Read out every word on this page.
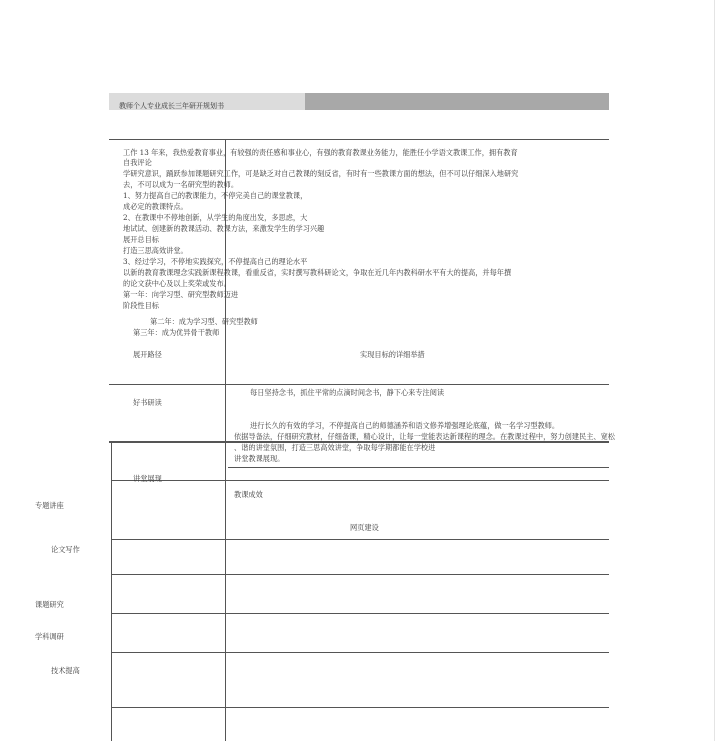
教师个人专业成长三年研开规划书
工作 13 年来，我热爱教育事业，有较强的责任感和事业心，有强的教育教课业务能力，能胜任小学语文教课工作，拥有教育
自我评论
学研究意识，踊跃参加课题研究工作，可是缺乏对自己教课的刻反省，有时有一些教课方面的想法，但不可以仔细深入地研究
去，不可以成为一名研究型的教师。
1、努力提高自己的教课能力，不停完美自己的课堂教课，
成必定的教课特点。
2、在教课中不停地创新，从学生的角度出发，多思虑，大
地试试、创建新的教课活动、教课方法，来激发学生的学习兴趣
展开总目标
打造三思高效讲堂。
3、经过学习，不停地实践探究，不停提高自己的理论水平
以新的教育教课理念实践新课程教课，看重反省，实时撰写教科研论文，争取在近几年内教科研水平有大的提高，并每年撰
的论文获中心及以上奖荣或发布。
第一年：向学习型、研究型教师迈进
阶段性目标
第二年：成为学习型、研究型教师
第三年：成为优异骨干教师
展开路径	实现目标的详细举措
每日坚持念书，抓住平常的点滴时间念书，静下心来专注阅读
好书研读
进行长久的有效的学习，不停提高自己的师德涵养和语文修养增强理论底蕴，做一名学习型教师。
依据导备法，仔细研究教材，仔细备课，精心设计，让每一堂能表达新课程的理念。在教课过程中，努力创建民主、宽松
、谐的讲堂氛围，打造三思高效讲堂，争取每学期都能在学校进
讲堂教课展现。
讲堂展现
教课成效
网页建设
专题讲座
论文写作
课题研究
学科调研
技术提高
